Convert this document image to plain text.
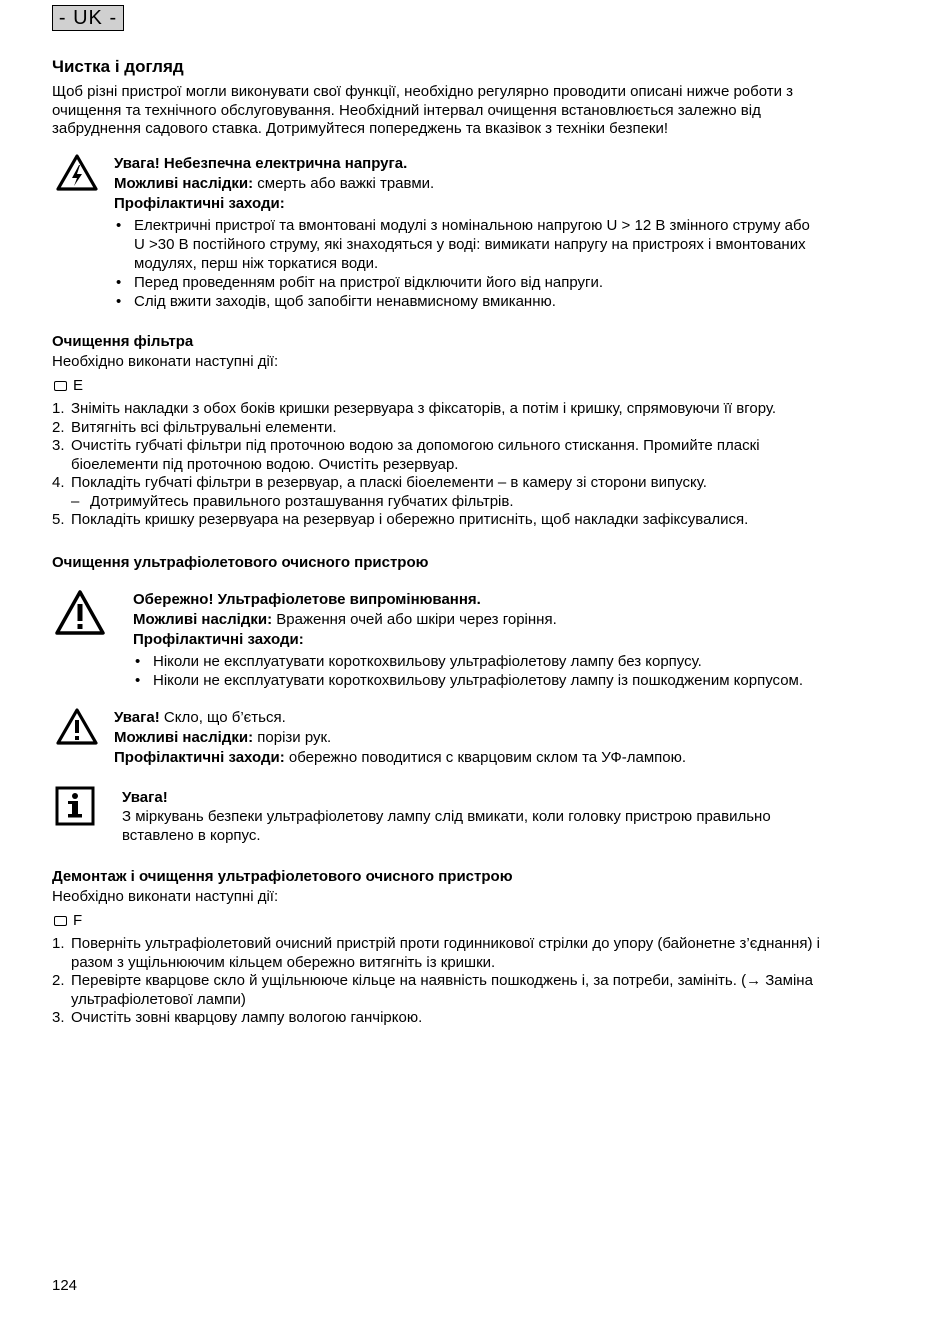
- UK -
Чистка і догляд

Щоб різні пристрої могли виконувати свої функції, необхідно регулярно проводити описані нижче роботи з

очищення та технічного обслуговування. Необхідний інтервал очищення встановлюється залежно від

забруднення садового ставка. Дотримуйтеся попереджень та вказівок з техніки безпеки!

Увага! Небезпечна електрична напруга.
Можливі наслідки: смерть або важкі травми.
Профілактичні заходи:
• Електричні пристрої та вмонтовані модулі з номінальною напругою U > 12 В змінного струму або
U >30 В постійного струму, які знаходяться у воді: вимикати напругу на пристроях і вмонтованих
модулях, перш ніж торкатися води.
• Перед проведенням робіт на пристрої відключити його від напруги.
• Слід вжити заходів, щоб запобігти ненавмисному вмиканню.
Очищення фільтра
Необхідно виконати наступні дії:
E
1. Зніміть накладки з обох боків кришки резервуара з фіксаторів, а потім і кришку, спрямовуючи її вгору.
2. Витягніть всі фільтрувальні елементи.
3. Очистіть губчаті фільтри під проточною водою за допомогою сильного стискання. Промийте пласкі
біоелементи під проточною водою. Очистіть резервуар.
4. Покладіть губчаті фільтри в резервуар, а пласкі біоелементи – в камеру зі сторони випуску.
– Дотримуйтесь правильного розташування губчатих фільтрів.
5. Покладіть кришку резервуара на резервуар і обережно притисніть, щоб накладки зафіксувалися.
Очищення ультрафіолетового очисного пристрою
Обережно! Ультрафіолетове випромінювання.
Можливі наслідки: Враження очей або шкіри через горіння.
Профілактичні заходи:
• Ніколи не експлуатувати короткохвильову ультрафіолетову лампу без корпусу.
• Ніколи не експлуатувати короткохвильову ультрафіолетову лампу із пошкодженим корпусом.
Увага! Скло, що б’ється.
Можливі наслідки: порізи рук.
Профілактичні заходи: обережно поводитися с кварцовим склом та УФ-лампою.
Увага!

З міркувань безпеки ультрафіолетову лампу слід вмикати, коли головку пристрою правильно

вставлено в корпус.

Демонтаж і очищення ультрафіолетового очисного пристрою
Необхідно виконати наступні дії:
F
1. Поверніть ультрафіолетовий очисний пристрій проти годинникової стрілки до упору (байонетне з’єднання) і
разом з ущільнюючим кільцем обережно витягніть із кришки.
2. Перевірте кварцове скло й ущільнююче кільце на наявність пошкоджень і, за потреби, замініть. (→ Заміна
ультрафіолетової лампи)
3. Очистіть зовні кварцову лампу вологою ганчіркою.
124
